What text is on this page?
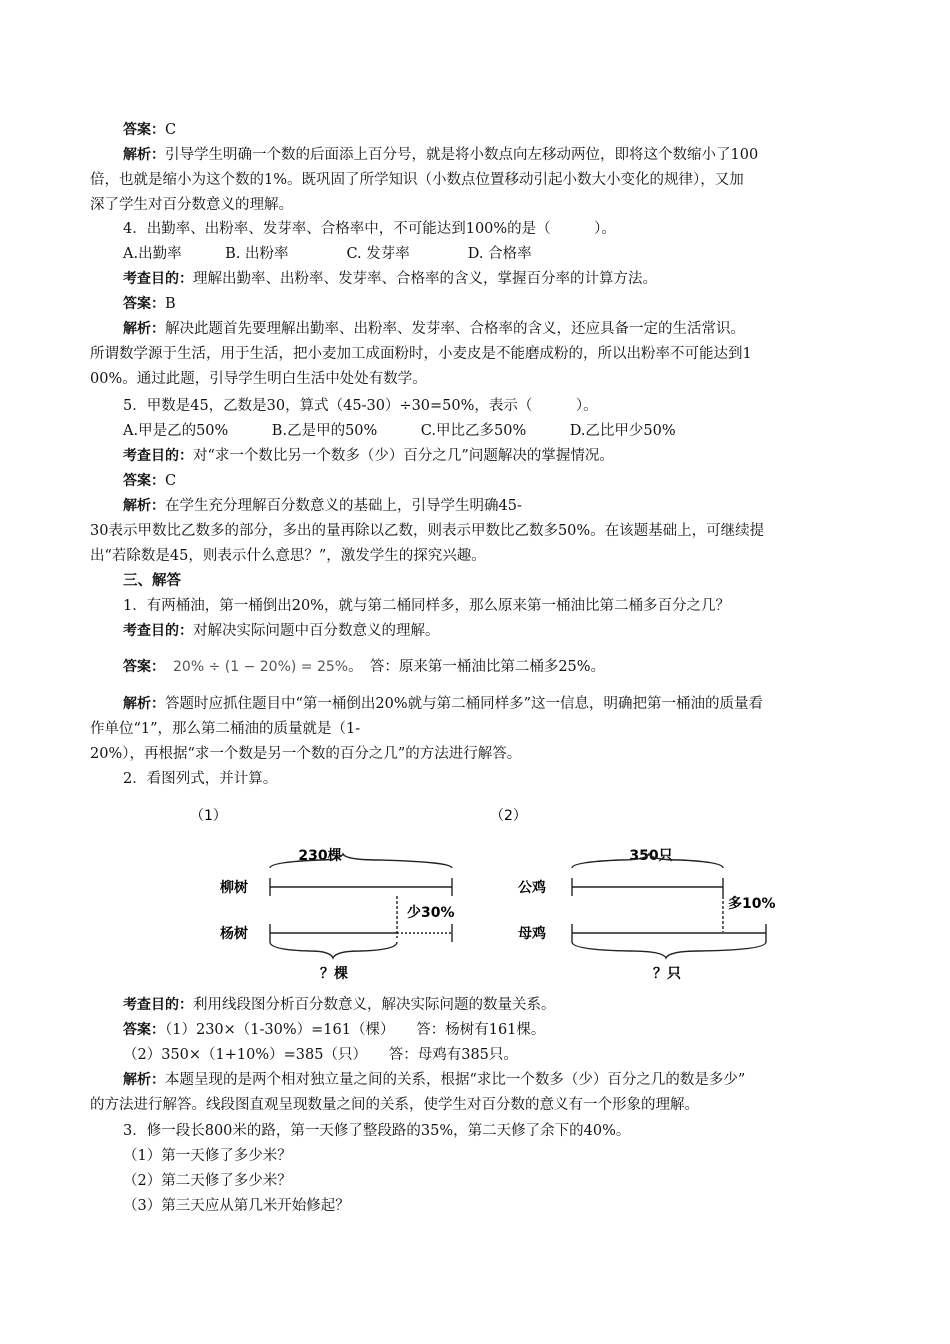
答案：C
解析：引导学生明确一个数的后面添上百分号，就是将小数点向左移动两位，即将这个数缩小了100
倍，也就是缩小为这个数的1%。既巩固了所学知识（小数点位置移动引起小数大小变化的规律），又加
深了学生对百分数意义的理解。
4．出勤率、出粉率、发芽率、合格率中，不可能达到100%的是（　　　）。
A.出勤率　　　B. 出粉率　　　　C. 发芽率　　　　D. 合格率
考查目的：理解出勤率、出粉率、发芽率、合格率的含义，掌握百分率的计算方法。
答案：B
解析：解决此题首先要理解出勤率、出粉率、发芽率、合格率的含义，还应具备一定的生活常识。
所谓数学源于生活，用于生活，把小麦加工成面粉时，小麦皮是不能磨成粉的，所以出粉率不可能达到1
00%。通过此题，引导学生明白生活中处处有数学。
5．甲数是45，乙数是30，算式（45-30）÷30=50%，表示（　　　）。
A.甲是乙的50%　　　B.乙是甲的50%　　　C.甲比乙多50%　　　D.乙比甲少50%
考查目的：对“求一个数比另一个数多（少）百分之几”问题解决的掌握情况。
答案：C
解析：在学生充分理解百分数意义的基础上，引导学生明确45-
30表示甲数比乙数多的部分，多出的量再除以乙数，则表示甲数比乙数多50%。在该题基础上，可继续提
出“若除数是45，则表示什么意思？”，激发学生的探究兴趣。
三、解答
1．有两桶油，第一桶倒出20%，就与第二桶同样多，那么原来第一桶油比第二桶多百分之几？
考查目的：对解决实际问题中百分数意义的理解。
答案： 20% ÷ (1 − 20%) = 25%。　答：原来第一桶油比第二桶多25%。
解析：答题时应抓住题目中“第一桶倒出20%就与第二桶同样多”这一信息，明确把第一桶油的质量看
作单位“1”，那么第二桶油的质量就是（1-
20%），再根据“求一个数是另一个数的百分之几”的方法进行解答。
2．看图列式，并计算。
考查目的：利用线段图分析百分数意义，解决实际问题的数量关系。
答案：（1）230×（1-30%）=161（棵）　　答：杨树有161棵。
（2）350×（1+10%）=385（只）　　答：母鸡有385只。
解析：本题呈现的是两个相对独立量之间的关系，根据“求比一个数多（少）百分之几的数是多少”
的方法进行解答。线段图直观呈现数量之间的关系，使学生对百分数的意义有一个形象的理解。
3．修一段长800米的路，第一天修了整段路的35%，第二天修了余下的40%。
（1）第一天修了多少米？
（2）第二天修了多少米？
（3）第三天应从第几米开始修起？
（1）
230棵
柳树
少30%
杨树
？棵
（2）
350只
公鸡
多10%
母鸡
？只
